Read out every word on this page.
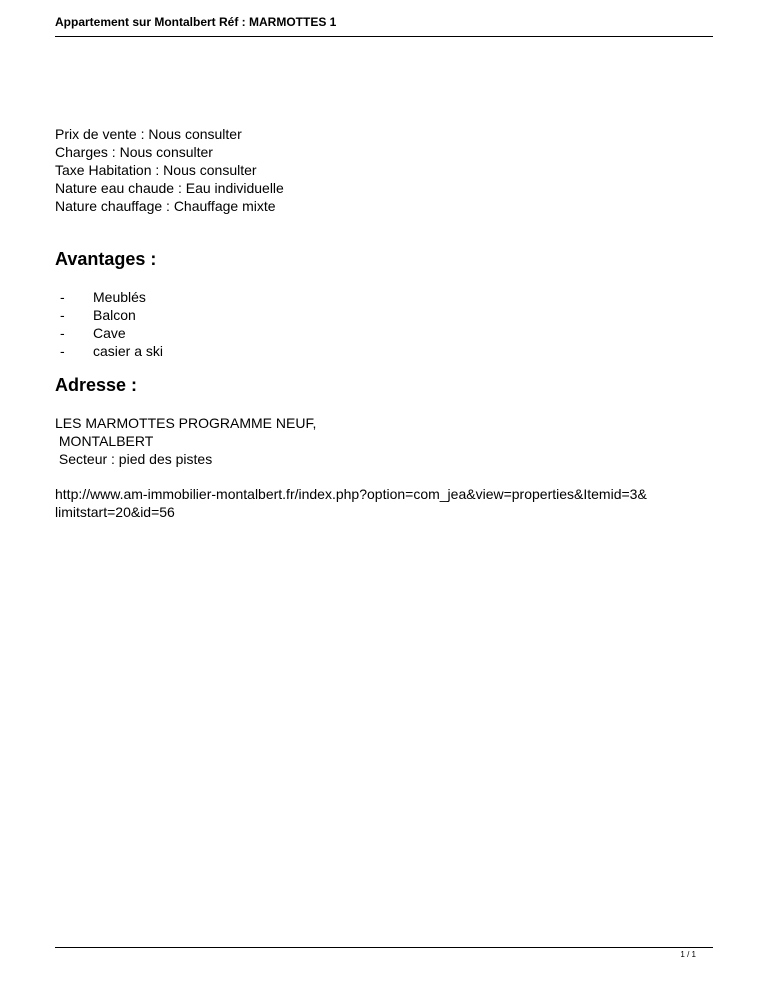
Appartement sur Montalbert Réf : MARMOTTES 1
Prix de vente : Nous consulter
Charges : Nous consulter
Taxe Habitation : Nous consulter
Nature eau chaude : Eau individuelle
Nature chauffage : Chauffage mixte
Avantages :
- Meublés
- Balcon
- Cave
- casier a ski
Adresse :
LES MARMOTTES PROGRAMME NEUF,
MONTALBERT
Secteur : pied des pistes
http://www.am-immobilier-montalbert.fr/index.php?option=com_jea&view=properties&Itemid=3&
limitstart=20&id=56
1 / 1
